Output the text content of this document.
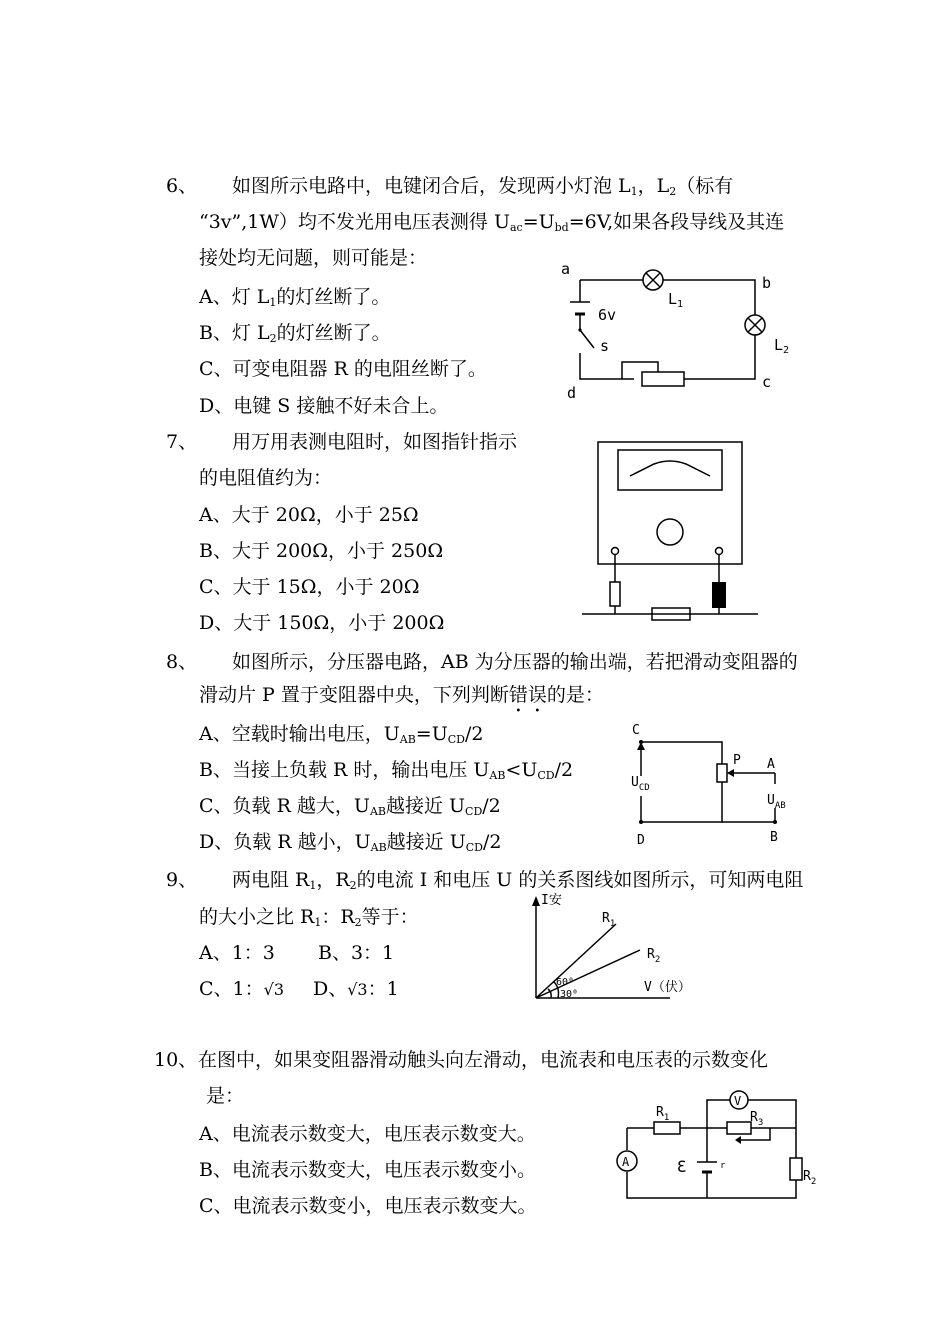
6、 如图所示电路中，电键闭合后，发现两小灯泡 $L_1$，$L_2$（标有
“3v”,1W）均不发光用电压表测得 $U_{ac}=U_{bd}=6V$,如果各段导线及其连
接处均无问题，则可能是：
A、灯 $L_1$的灯丝断了。
B、灯 $L_2$的灯丝断了。
C、可变电阻器 R 的电阻丝断了。
D、电键 S 接触不好未合上。
a
b
c
d
$L_1$
$L_2$
6v
s
7、 用万用表测电阻时，如图指针指示
的电阻值约为：
A、大于 20Ω，小于 25Ω
B、大于 200Ω，小于 250Ω
C、大于 15Ω，小于 20Ω
D、大于 150Ω，小于 200Ω
8、 如图所示，分压器电路，AB 为分压器的输出端，若把滑动变阻器的
滑动片 P 置于变阻器中央，下列判断错误的是：
A、空载时输出电压，$U_{AB}=U_{CD}/2$
B、当接上负载 R 时，输出电压 $U_{AB}<U_{CD}/2$
C、负载 R 越大，$U_{AB}$越接近 $U_{CD}/2$
D、负载 R 越小，$U_{AB}$越接近 $U_{CD}/2$
C
D
P A
B
$U_{CD}$
$U_{AB}$
9、 两电阻 $R_1$，$R_2$的电流 I 和电压 U 的关系图线如图所示，可知两电阻
的大小之比 $R_1$：$R_2$等于：
A、1：3 B、3：1
C、1：√3 D、√3：1
I安
V（伏）
$R_1$
$R_2$
60⁰
30⁰
10、 在图中，如果变阻器滑动触头向左滑动，电流表和电压表的示数变化
是：
A、电流表示数变大，电压表示数变大。
B、电流表示数变大，电压表示数变小。
C、电流表示数变小，电压表示数变大。
$R_1$	$R_3$
$R_2$
V
A	Ɛ	r
